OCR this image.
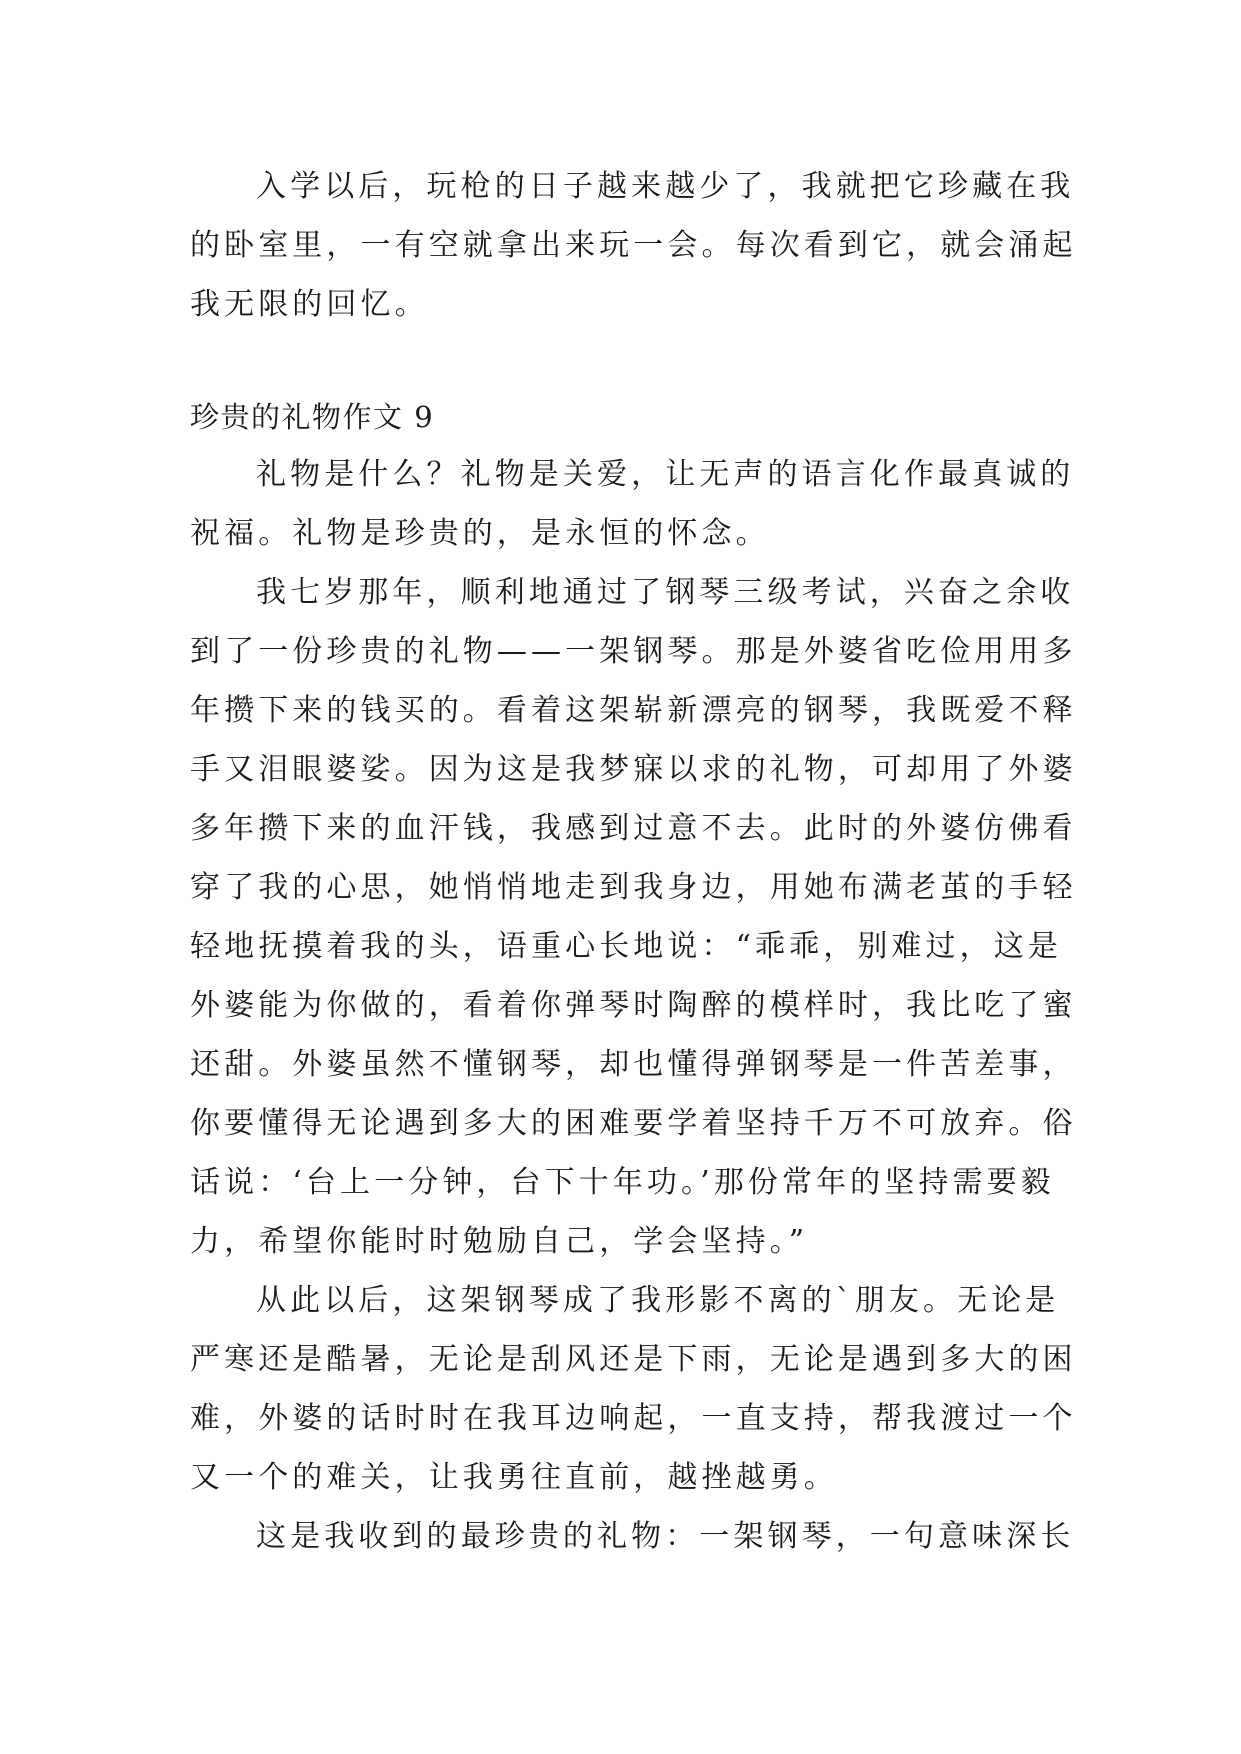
入学以后，玩枪的日子越来越少了，我就把它珍藏在我
的卧室里，一有空就拿出来玩一会。每次看到它，就会涌起
我无限的回忆。
珍贵的礼物作文 9
礼物是什么？礼物是关爱，让无声的语言化作最真诚的
祝福。礼物是珍贵的，是永恒的怀念。
我七岁那年，顺利地通过了钢琴三级考试，兴奋之余收
到了一份珍贵的礼物——一架钢琴。那是外婆省吃俭用用多
年攒下来的钱买的。看着这架崭新漂亮的钢琴，我既爱不释
手又泪眼婆娑。因为这是我梦寐以求的礼物，可却用了外婆
多年攒下来的血汗钱，我感到过意不去。此时的外婆仿佛看
穿了我的心思，她悄悄地走到我身边，用她布满老茧的手轻
轻地抚摸着我的头，语重心长地说：“乖乖，别难过，这是
外婆能为你做的，看着你弹琴时陶醉的模样时，我比吃了蜜
还甜。外婆虽然不懂钢琴，却也懂得弹钢琴是一件苦差事，
你要懂得无论遇到多大的困难要学着坚持千万不可放弃。俗
话说：‘台上一分钟，台下十年功。’那份常年的坚持需要毅
力，希望你能时时勉励自己，学会坚持。”
从此以后，这架钢琴成了我形影不离的`朋友。无论是
严寒还是酷暑，无论是刮风还是下雨，无论是遇到多大的困
难，外婆的话时时在我耳边响起，一直支持，帮我渡过一个
又一个的难关，让我勇往直前，越挫越勇。
这是我收到的最珍贵的礼物：一架钢琴，一句意味深长
